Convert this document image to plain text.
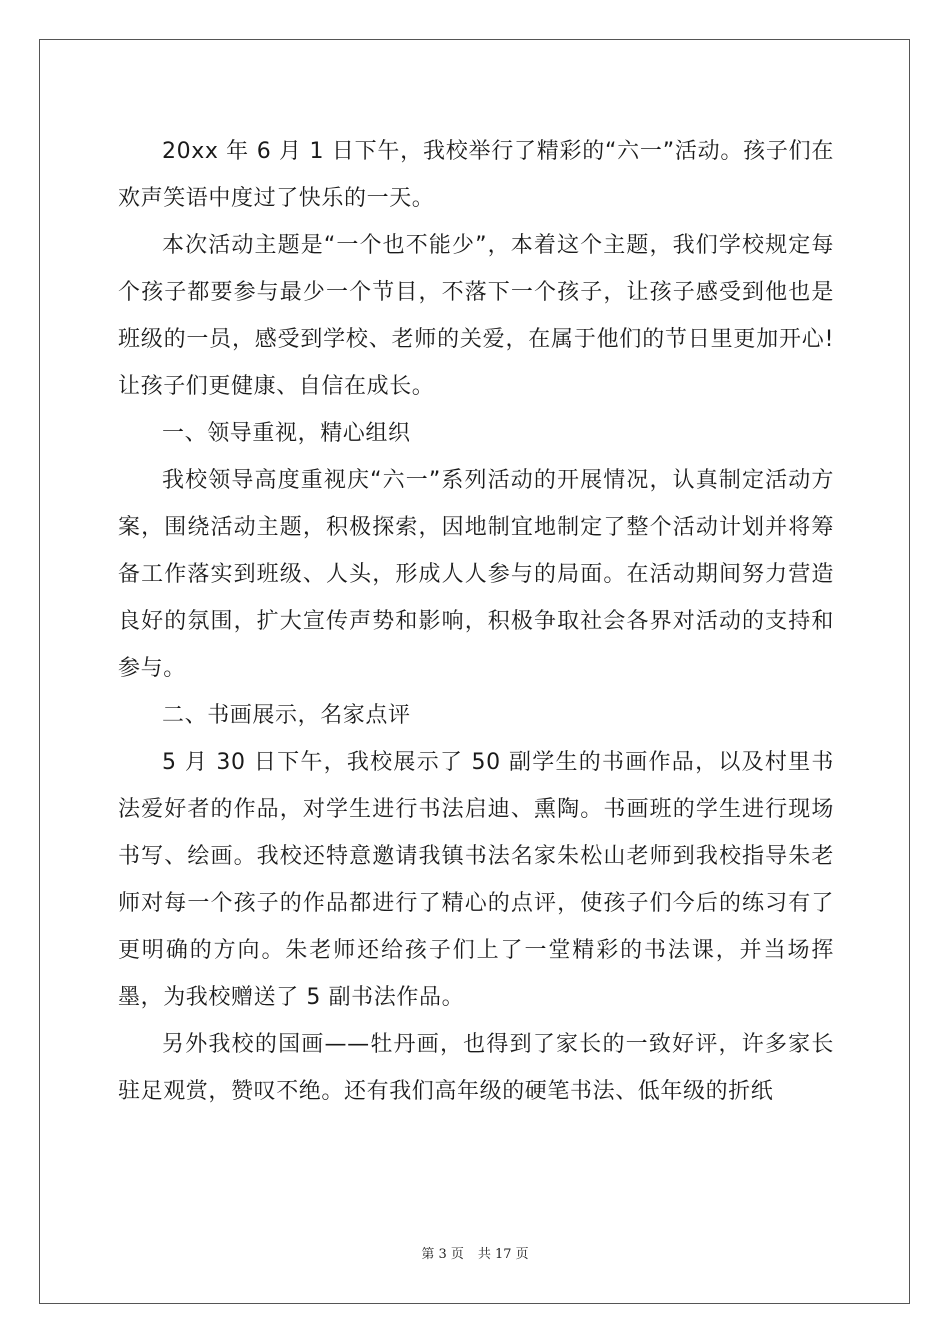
20xx 年 6 月 1 日下午，我校举行了精彩的“六一”活动。孩子们在欢声笑语中度过了快乐的一天。

本次活动主题是“一个也不能少”，本着这个主题，我们学校规定每个孩子都要参与最少一个节目，不落下一个孩子，让孩子感受到他也是班级的一员，感受到学校、老师的关爱，在属于他们的节日里更加开心!让孩子们更健康、自信在成长。

一、领导重视，精心组织

我校领导高度重视庆“六一”系列活动的开展情况，认真制定活动方案，围绕活动主题，积极探索，因地制宜地制定了整个活动计划并将筹备工作落实到班级、人头，形成人人参与的局面。在活动期间努力营造良好的氛围，扩大宣传声势和影响，积极争取社会各界对活动的支持和参与。

二、书画展示，名家点评

5 月 30 日下午，我校展示了 50 副学生的书画作品，以及村里书法爱好者的作品，对学生进行书法启迪、熏陶。书画班的学生进行现场书写、绘画。我校还特意邀请我镇书法名家朱松山老师到我校指导朱老师对每一个孩子的作品都进行了精心的点评，使孩子们今后的练习有了更明确的方向。朱老师还给孩子们上了一堂精彩的书法课，并当场挥墨，为我校赠送了 5 副书法作品。

另外我校的国画——牡丹画，也得到了家长的一致好评，许多家长驻足观赏，赞叹不绝。还有我们高年级的硬笔书法、低年级的折纸

第 3 页 共 17 页
